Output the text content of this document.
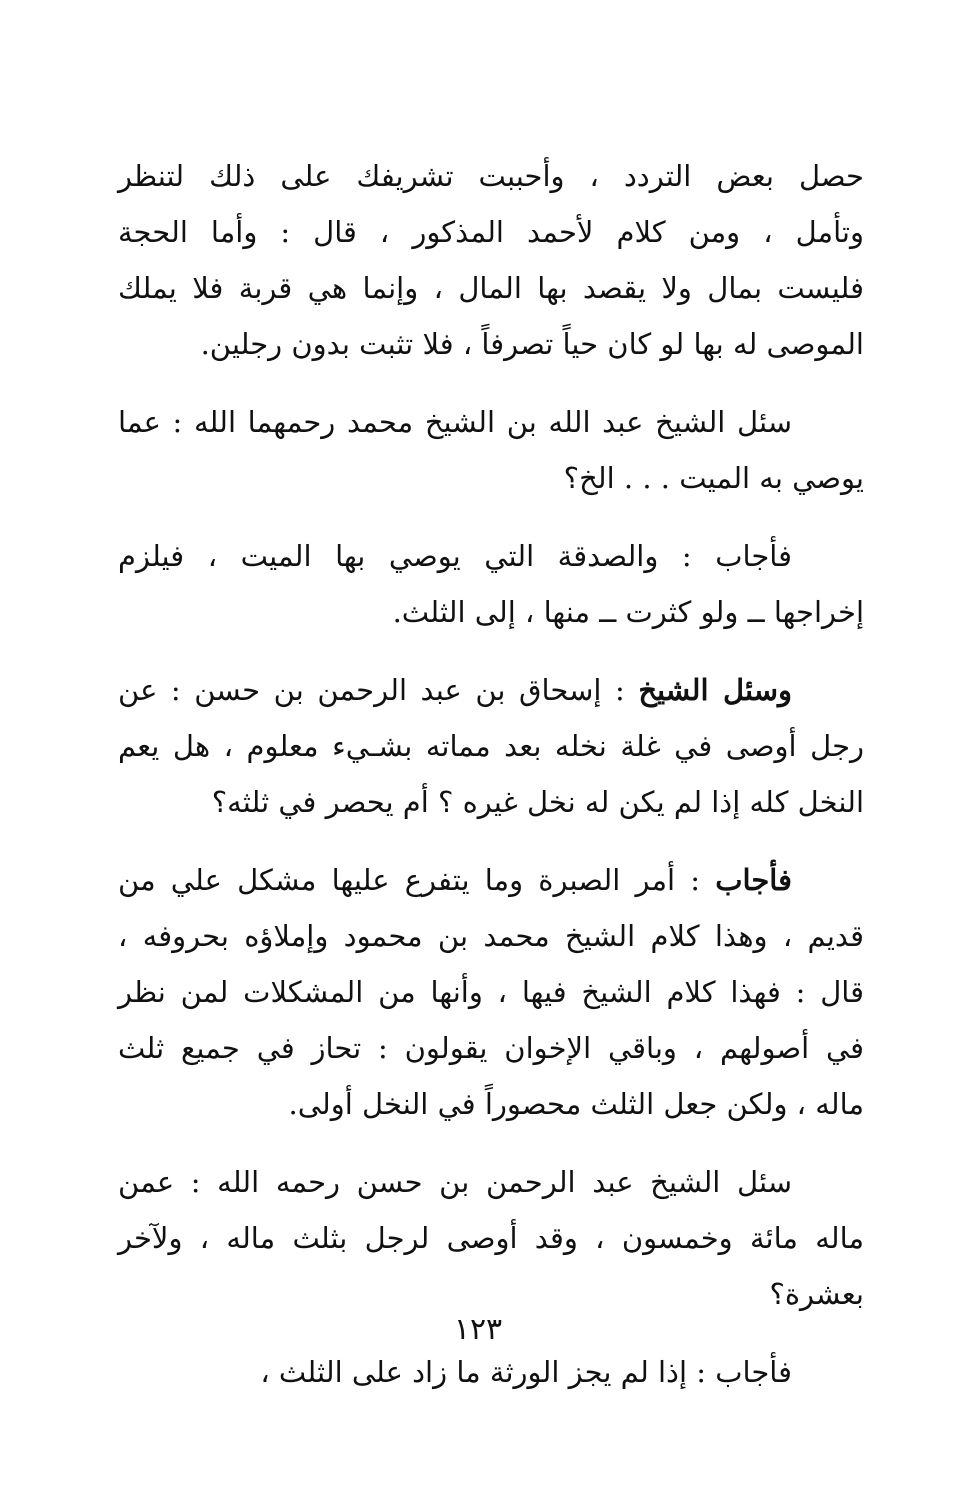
حصل بعض التردد ، وأحببت تشريفك على ذلك لتنظر
وتأمل ، ومن كلام لأحمد المذكور ، قال : وأما الحجة
فليست بمال ولا يقصد بها المال ، وإنما هي قربة فلا يملك
الموصى له بها لو كان حياً تصرفاً ، فلا تثبت بدون رجلين.

سئل الشيخ عبد الله بن الشيخ محمد رحمهما الله : عما
يوصي به الميت . . . الخ؟

فأجاب : والصدقة التي يوصي بها الميت ، فيلزم
إخراجها ــ ولو كثرت ــ منها ، إلى الثلث.

وسئل الشيخ : إسحاق بن عبد الرحمن بن حسن : عن
رجل أوصى في غلة نخله بعد مماته بشـيء معلوم ، هل يعم
النخل كله إذا لم يكن له نخل غيره ؟ أم يحصر في ثلثه؟

فأجاب : أمر الصبرة وما يتفرع عليها مشكل علي من
قديم ، وهذا كلام الشيخ محمد بن محمود وإملاؤه بحروفه ،
قال : فهذا كلام الشيخ فيها ، وأنها من المشكلات لمن نظر
في أصولهم ، وباقي الإخوان يقولون : تحاز في جميع ثلث
ماله ، ولكن جعل الثلث محصوراً في النخل أولى.

سئل الشيخ عبد الرحمن بن حسن رحمه الله : عمن
ماله مائة وخمسون ، وقد أوصى لرجل بثلث ماله ، ولآخر
بعشرة؟

فأجاب : إذا لم يجز الورثة ما زاد على الثلث ،

١٢٣
